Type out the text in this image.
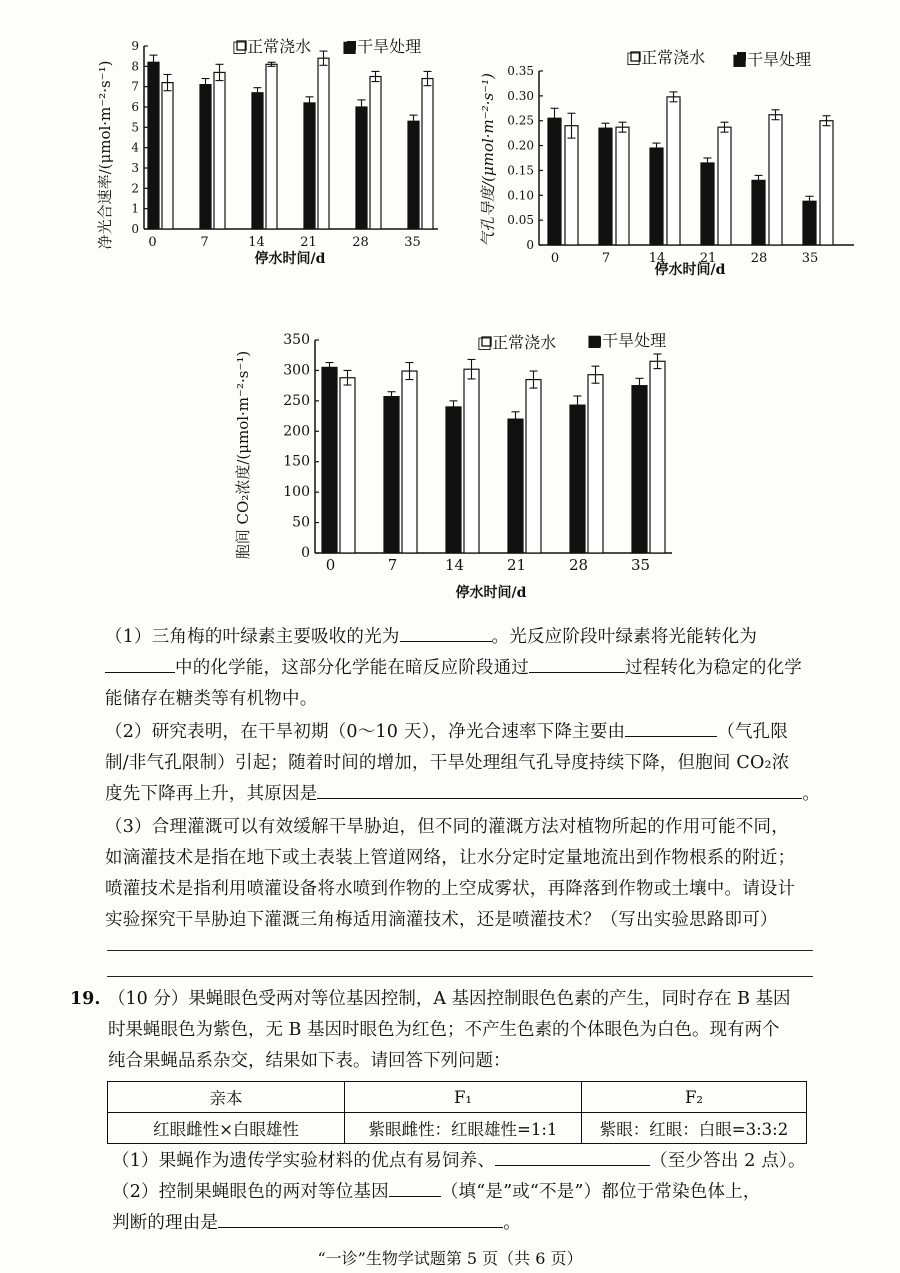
□正常浇水 ■干旱处理
净光合速率/(μmol·m⁻²·s⁻¹)
停水时间/d
0
1
2
3
4
5
6
7
8
9
0	7	14	21	28	35
□正常浇水 ■干旱处理
气孔导度/(μmol·m⁻²·s⁻¹)
停水时间/d
0
0.05
0.10
0.15
0.20
0.25
0.30
0.35
0	7	14	21	28	35
□正常浇水 ■干旱处理
胞间 CO₂浓度/(μmol·m⁻²·s⁻¹)
停水时间/d
0
50
100
150
200
250
300
350
0	7	14	21	28	35

（1）三角梅的叶绿素主要吸收的光为	。光反应阶段叶绿素将光能转化为

中的化学能，这部分化学能在暗反应阶段通过	过程转化为稳定的化学

能储存在糖类等有机物中。

（2）研究表明，在干旱初期（0～10 天），净光合速率下降主要由	（气孔限

制/非气孔限制）引起；随着时间的增加，干旱处理组气孔导度持续下降，但胞间 CO₂浓

度先下降再上升，其原因是	。

（3）合理灌溉可以有效缓解干旱胁迫，但不同的灌溉方法对植物所起的作用可能不同，

如滴灌技术是指在地下或土表装上管道网络，让水分定时定量地流出到作物根系的附近；

喷灌技术是指利用喷灌设备将水喷到作物的上空成雾状，再降落到作物或土壤中。请设计

实验探究干旱胁迫下灌溉三角梅适用滴灌技术，还是喷灌技术？（写出实验思路即可）

19. （10 分）果蝇眼色受两对等位基因控制，A 基因控制眼色色素的产生，同时存在 B 基因

时果蝇眼色为紫色，无 B 基因时眼色为红色；不产生色素的个体眼色为白色。现有两个

纯合果蝇品系杂交，结果如下表。请回答下列问题：

亲本	F₁	F₂
红眼雌性×白眼雄性	紫眼雌性：红眼雄性=1:1	紫眼：红眼：白眼=3:3:2

（1）果蝇作为遗传学实验材料的优点有易饲养、	（至少答出 2 点）。

（2）控制果蝇眼色的两对等位基因	（填“是”或“不是”）都位于常染色体上，

判断的理由是	。

“一诊”生物学试题第 5 页（共 6 页）
